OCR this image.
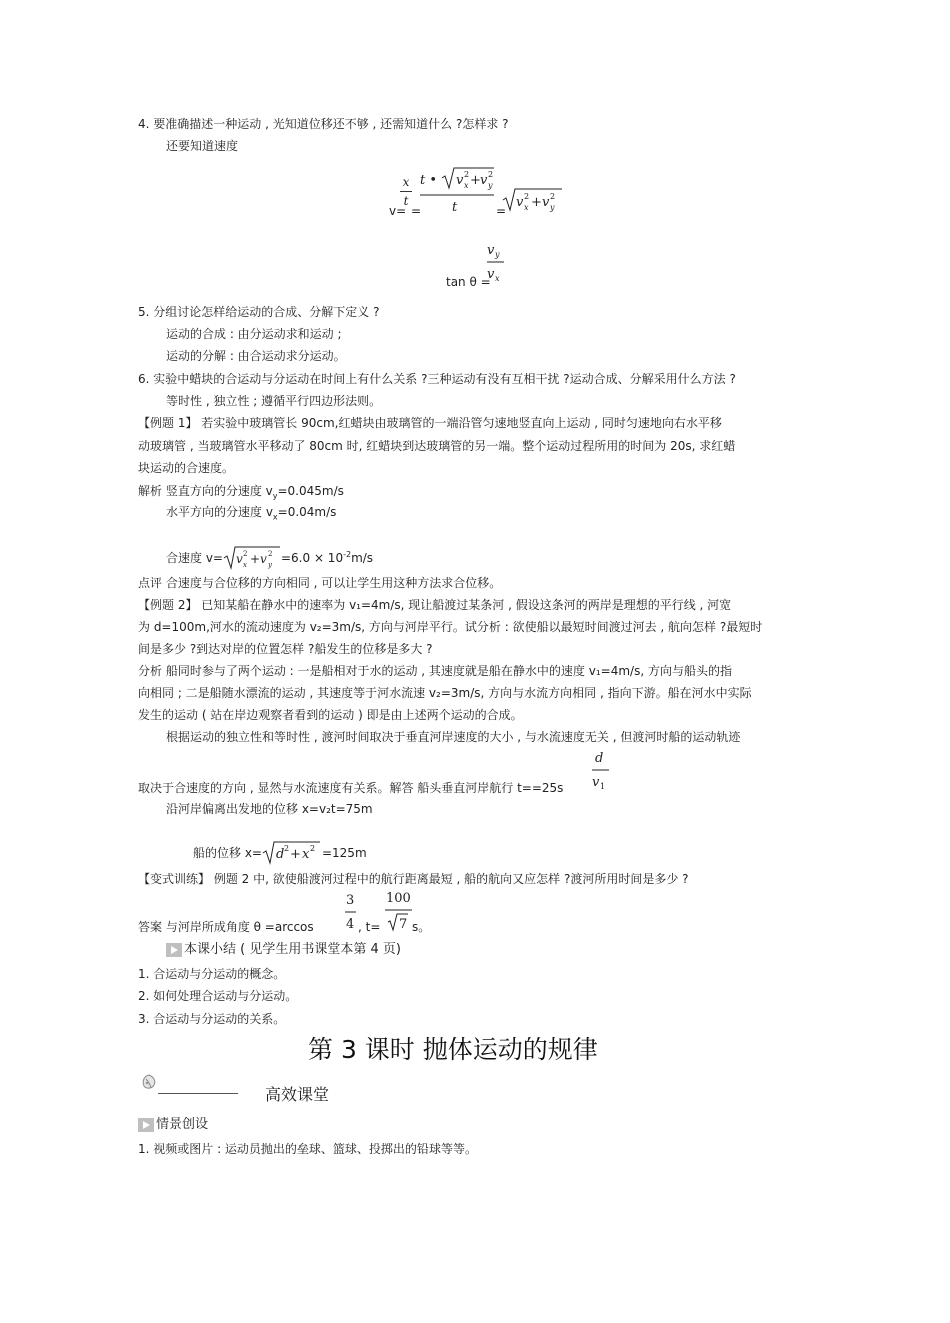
4. 要准确描述一种运动 , 光知道位移还不够 , 还需知道什么 ?怎样求 ?
还要知道速度
v=
x
t
=
t • v 2
x + v 2
y
t	=
v 2
x + v 2
y
tan θ =
v y
v x
5. 分组讨论怎样给运动的合成、分解下定义 ?
运动的合成 : 由分运动求和运动 ;
运动的分解 : 由合运动求分运动。
6. 实验中蜡块的合运动与分运动在时间上有什么关系 ?三种运动有没有互相干扰 ?运动合成、分解采用什么方法 ?
等时性 , 独立性 ; 遵循平行四边形法则。
【例题 1】 若实验中玻璃管长 90cm,红蜡块由玻璃管的一端沿管匀速地竖直向上运动 , 同时匀速地向右水平移
动玻璃管 , 当玻璃管水平移动了 80cm 时, 红蜡块到达玻璃管的另一端。整个运动过程所用的时间为 20s, 求红蜡
块运动的合速度。
解析 竖直方向的分速度 $v_y=0.045m/s$
水平方向的分速度 $v_x=0.04m/s$
合速度 v= v 2
x + v 2
$y =6.0 \times 10^{-2}m/s$
点评 合速度与合位移的方向相同 , 可以让学生用这种方法求合位移。
【例题 2】 已知某船在静水中的速率为 v₁=4m/s, 现让船渡过某条河 , 假设这条河的两岸是理想的平行线 , 河宽
为 d=100m,河水的流动速度为 v₂=3m/s, 方向与河岸平行。试分析 : 欲使船以最短时间渡过河去 , 航向怎样 ?最短时
间是多少 ?到达对岸的位置怎样 ?船发生的位移是多大 ?
分析 船同时参与了两个运动 : 一是船相对于水的运动 , 其速度就是船在静水中的速度 v₁=4m/s, 方向与船头的指
向相同 ; 二是船随水漂流的运动 , 其速度等于河水流速 v₂=3m/s, 方向与水流方向相同 , 指向下游。船在河水中实际
发生的运动 ( 站在岸边观察者看到的运动 ) 即是由上述两个运动的合成。
根据运动的独立性和等时性 , 渡河时间取决于垂直河岸速度的大小 , 与水流速度无关 , 但渡河时船的运动轨迹
取决于合速度的方向 , 显然与水流速度有关系。解答 船头垂直河岸航行 t==25s
d
v 1
沿河岸偏离出发地的位移 x=v₂t=75m
船的位移 x= d 2 + x 2 =125m
【变式训练】 例题 2 中, 欲使船渡河过程中的航行距离最短 , 船的航向又应怎样 ?渡河所用时间是多少 ?
答案 与河岸所成角度 θ =arccos
3
4 , t=
100
7 s。
本课小结 ( 见学生用书课堂本第 4 页)
1. 合运动与分运动的概念。
2. 如何处理合运动与分运动。
3. 合运动与分运动的关系。
第 3 课时 抛体运动的规律
高效课堂
情景创设
1. 视频或图片 : 运动员抛出的垒球、篮球、投掷出的铅球等等。
